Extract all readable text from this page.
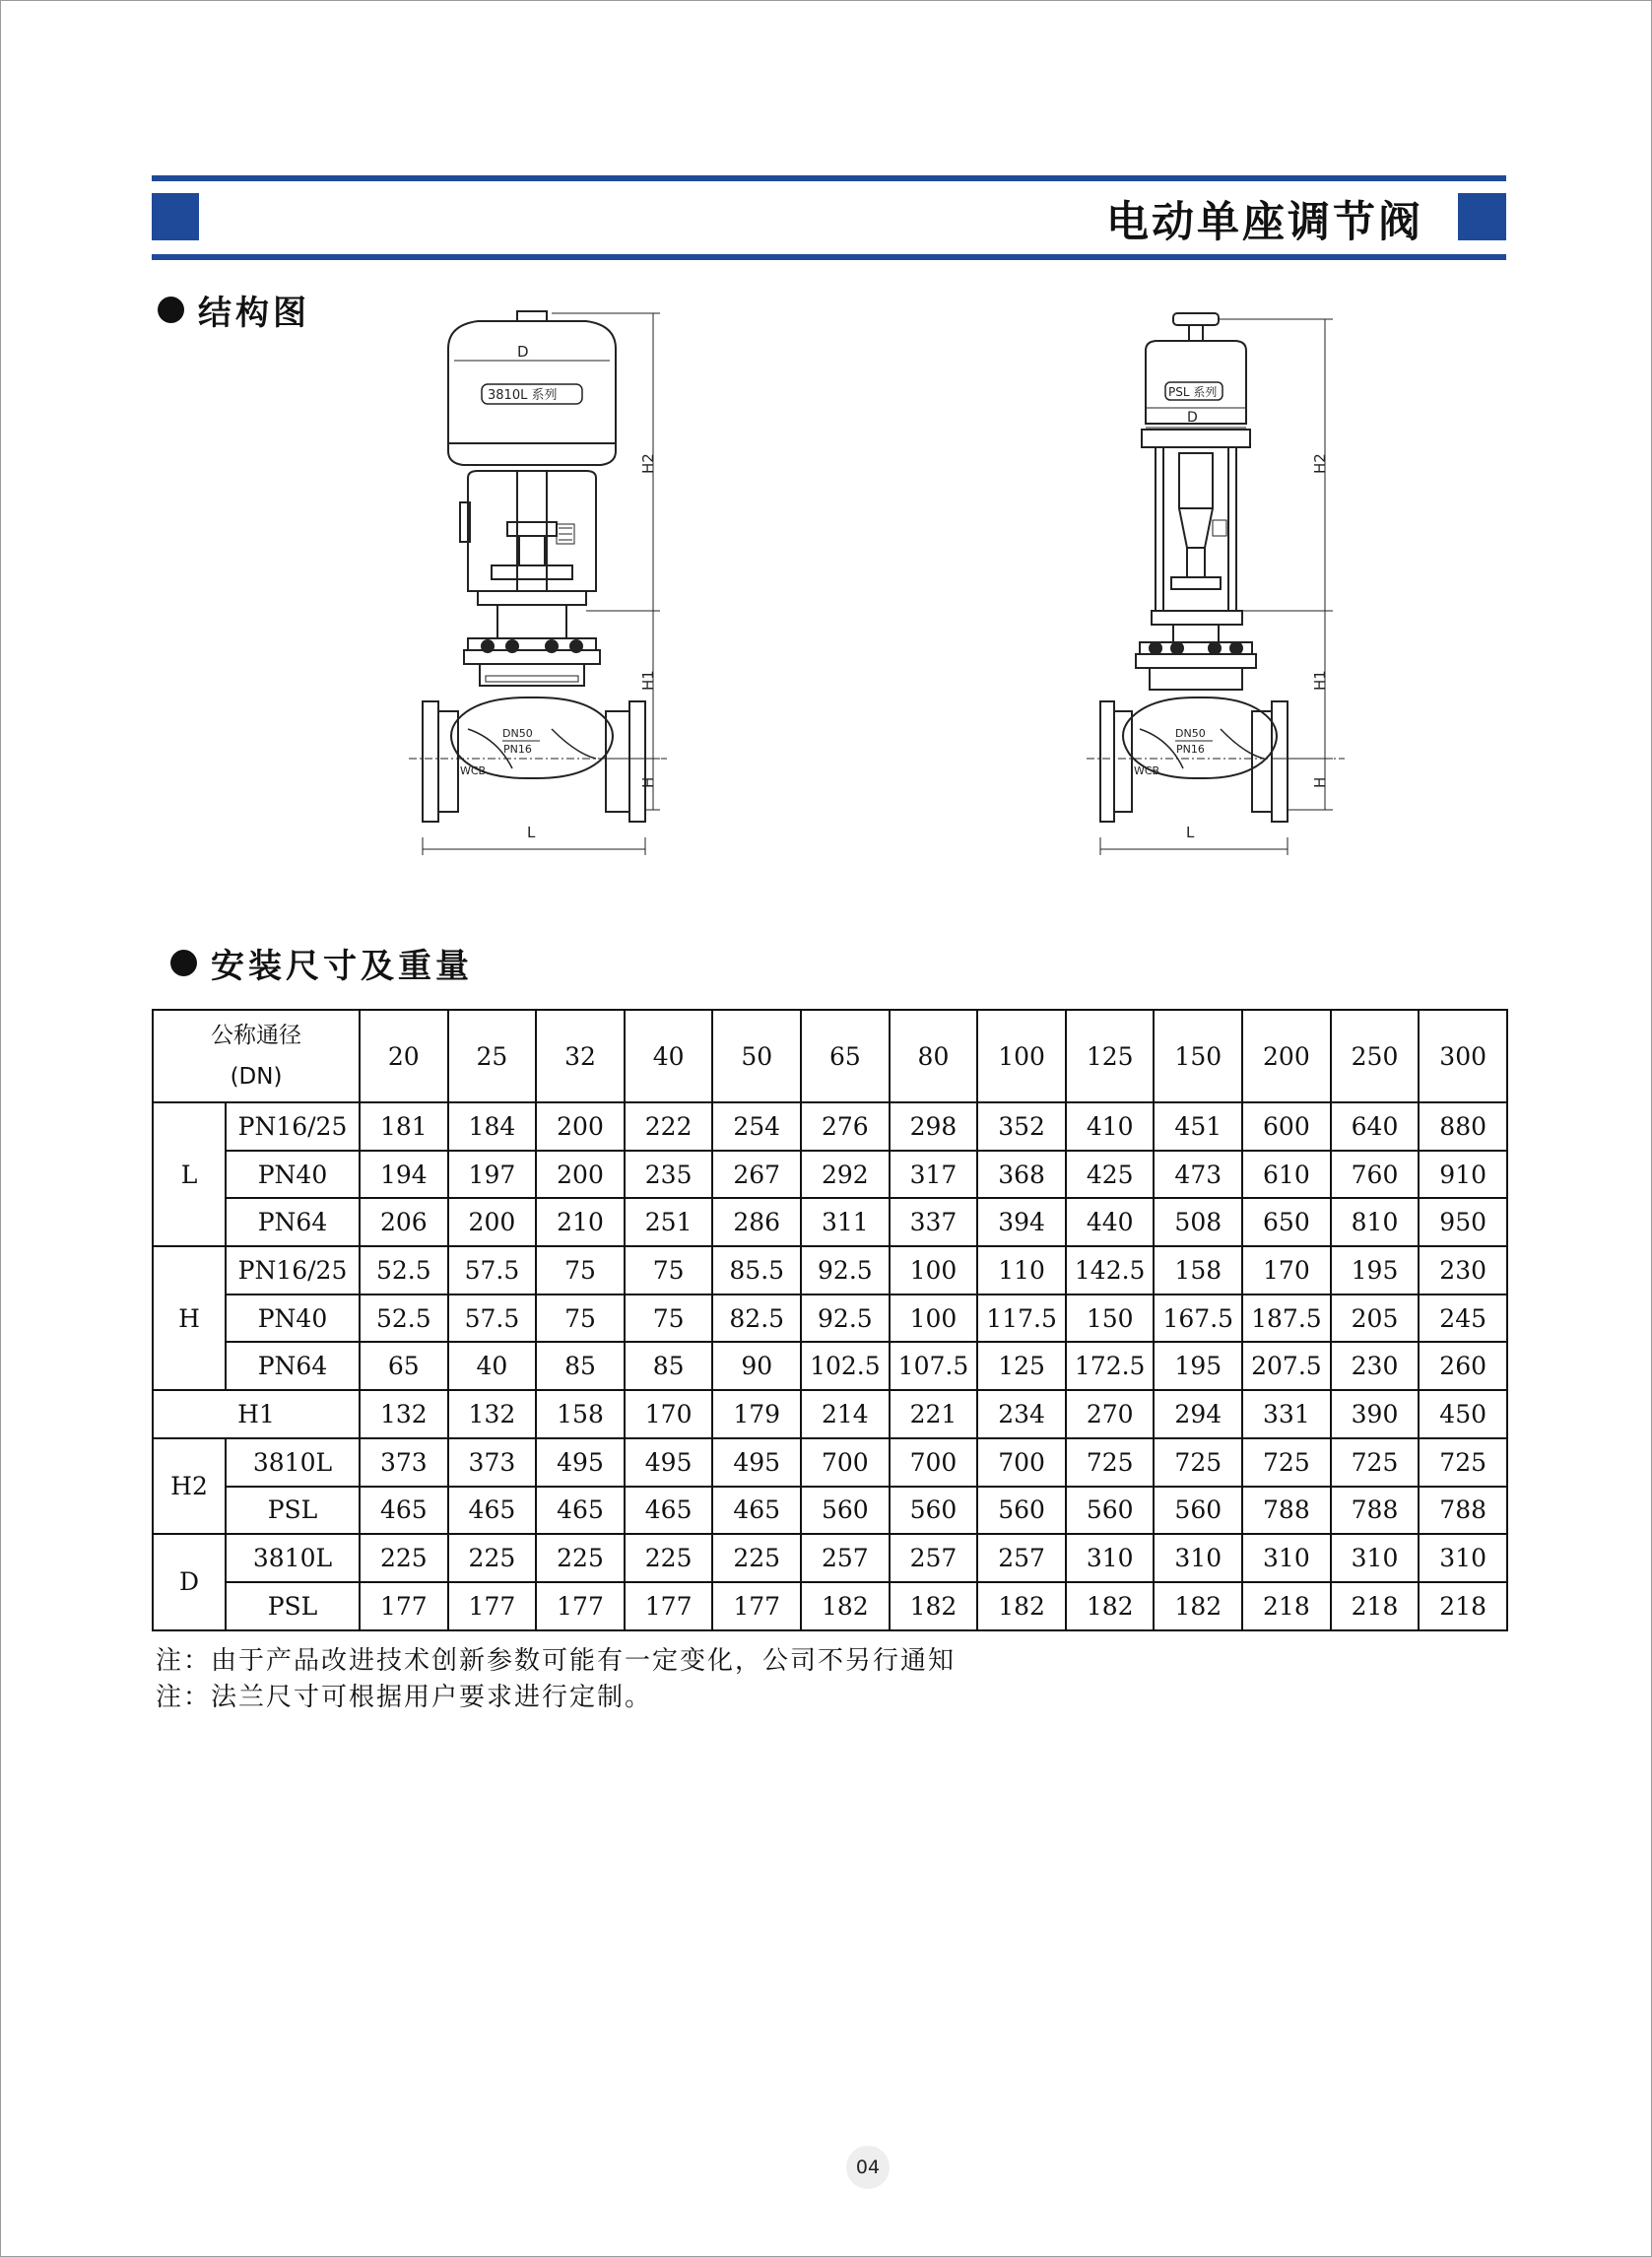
电动单座调节阀
结构图
D
3810L 系列
DN50
PN16
WCB
L
H2
H1
H
PSL 系列
D
DN50
PN16
WCB
L
H2
H1
H
安装尺寸及重量
公称通径
(DN)		20	25	32	40	50	65	80	100	125	150	200	250	300
L	PN16/25	181	184	200	222	254	276	298	352	410	451	600	640	880
	PN40	194	197	200	235	267	292	317	368	425	473	610	760	910
	PN64	206	200	210	251	286	311	337	394	440	508	650	810	950
H	PN16/25	52.5	57.5	75	75	85.5	92.5	100	110	142.5	158	170	195	230
	PN40	52.5	57.5	75	75	82.5	92.5	100	117.5	150	167.5	187.5	205	245
	PN64	65	40	85	85	90	102.5	107.5	125	172.5	195	207.5	230	260
H1		132	132	158	170	179	214	221	234	270	294	331	390	450
H2	3810L	373	373	495	495	495	700	700	700	725	725	725	725	725
	PSL	465	465	465	465	465	560	560	560	560	560	788	788	788
D	3810L	225	225	225	225	225	257	257	257	310	310	310	310	310
	PSL	177	177	177	177	177	182	182	182	182	182	218	218	218
注：由于产品改进技术创新参数可能有一定变化，公司不另行通知
注：法兰尺寸可根据用户要求进行定制。
04
